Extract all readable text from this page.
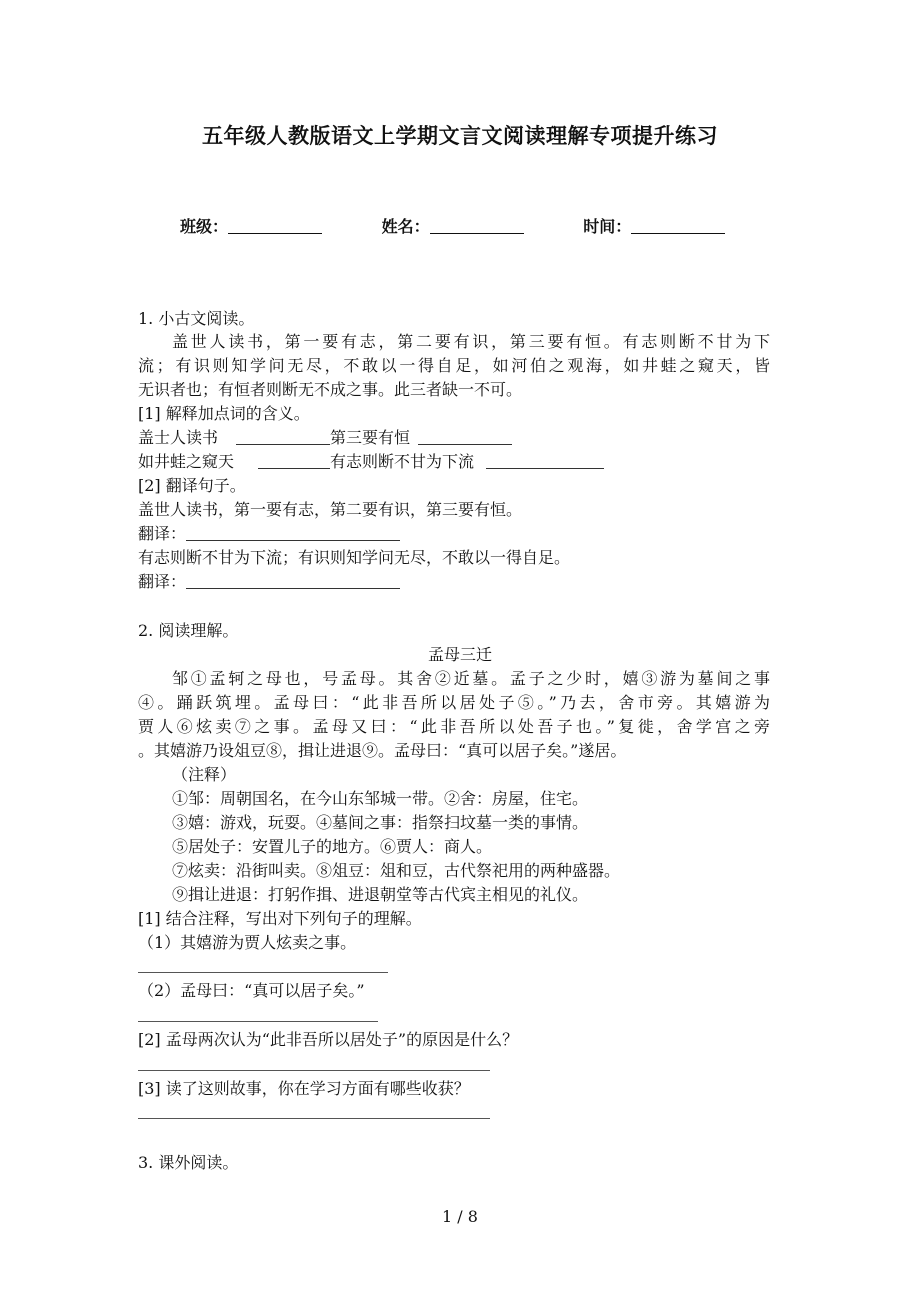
五年级人教版语文上学期文言文阅读理解专项提升练习
班级：	姓名：	时间：
1. 小古文阅读。
盖世人读书，第一要有志，第二要有识，第三要有恒。有志则断不甘为下
流；有识则知学问无尽，不敢以一得自足，如河伯之观海，如井蛙之窥天，皆
无识者也；有恒者则断无不成之事。此三者缺一不可。
[1] 解释加点词的含义。
盖士人读书	第三要有恒
如井蛙之窥天	有志则断不甘为下流
[2] 翻译句子。
盖世人读书，第一要有志，第二要有识，第三要有恒。
翻译：
有志则断不甘为下流；有识则知学问无尽，不敢以一得自足。
翻译：
2. 阅读理解。
孟母三迁
邹①孟轲之母也，号孟母。其舍②近墓。孟子之少时，嬉③游为墓间之事
④。踊跃筑埋。孟母曰：“此非吾所以居处子⑤。”乃去，舍市旁。其嬉游为
贾人⑥炫卖⑦之事。孟母又曰：“此非吾所以处吾子也。”复徙，舍学宫之旁
。其嬉游乃设俎豆⑧，揖让进退⑨。孟母曰：“真可以居子矣。”遂居。
（注释）
①邹：周朝国名，在今山东邹城一带。②舍：房屋，住宅。
③嬉：游戏，玩耍。④墓间之事：指祭扫坟墓一类的事情。
⑤居处子：安置儿子的地方。⑥贾人：商人。
⑦炫卖：沿街叫卖。⑧俎豆：俎和豆，古代祭祀用的两种盛器。
⑨揖让进退：打躬作揖、进退朝堂等古代宾主相见的礼仪。
[1] 结合注释，写出对下列句子的理解。
（1）其嬉游为贾人炫卖之事。
（2）孟母曰：“真可以居子矣。”
[2] 孟母两次认为“此非吾所以居处子”的原因是什么？
[3] 读了这则故事，你在学习方面有哪些收获？
3. 课外阅读。
1 / 8
